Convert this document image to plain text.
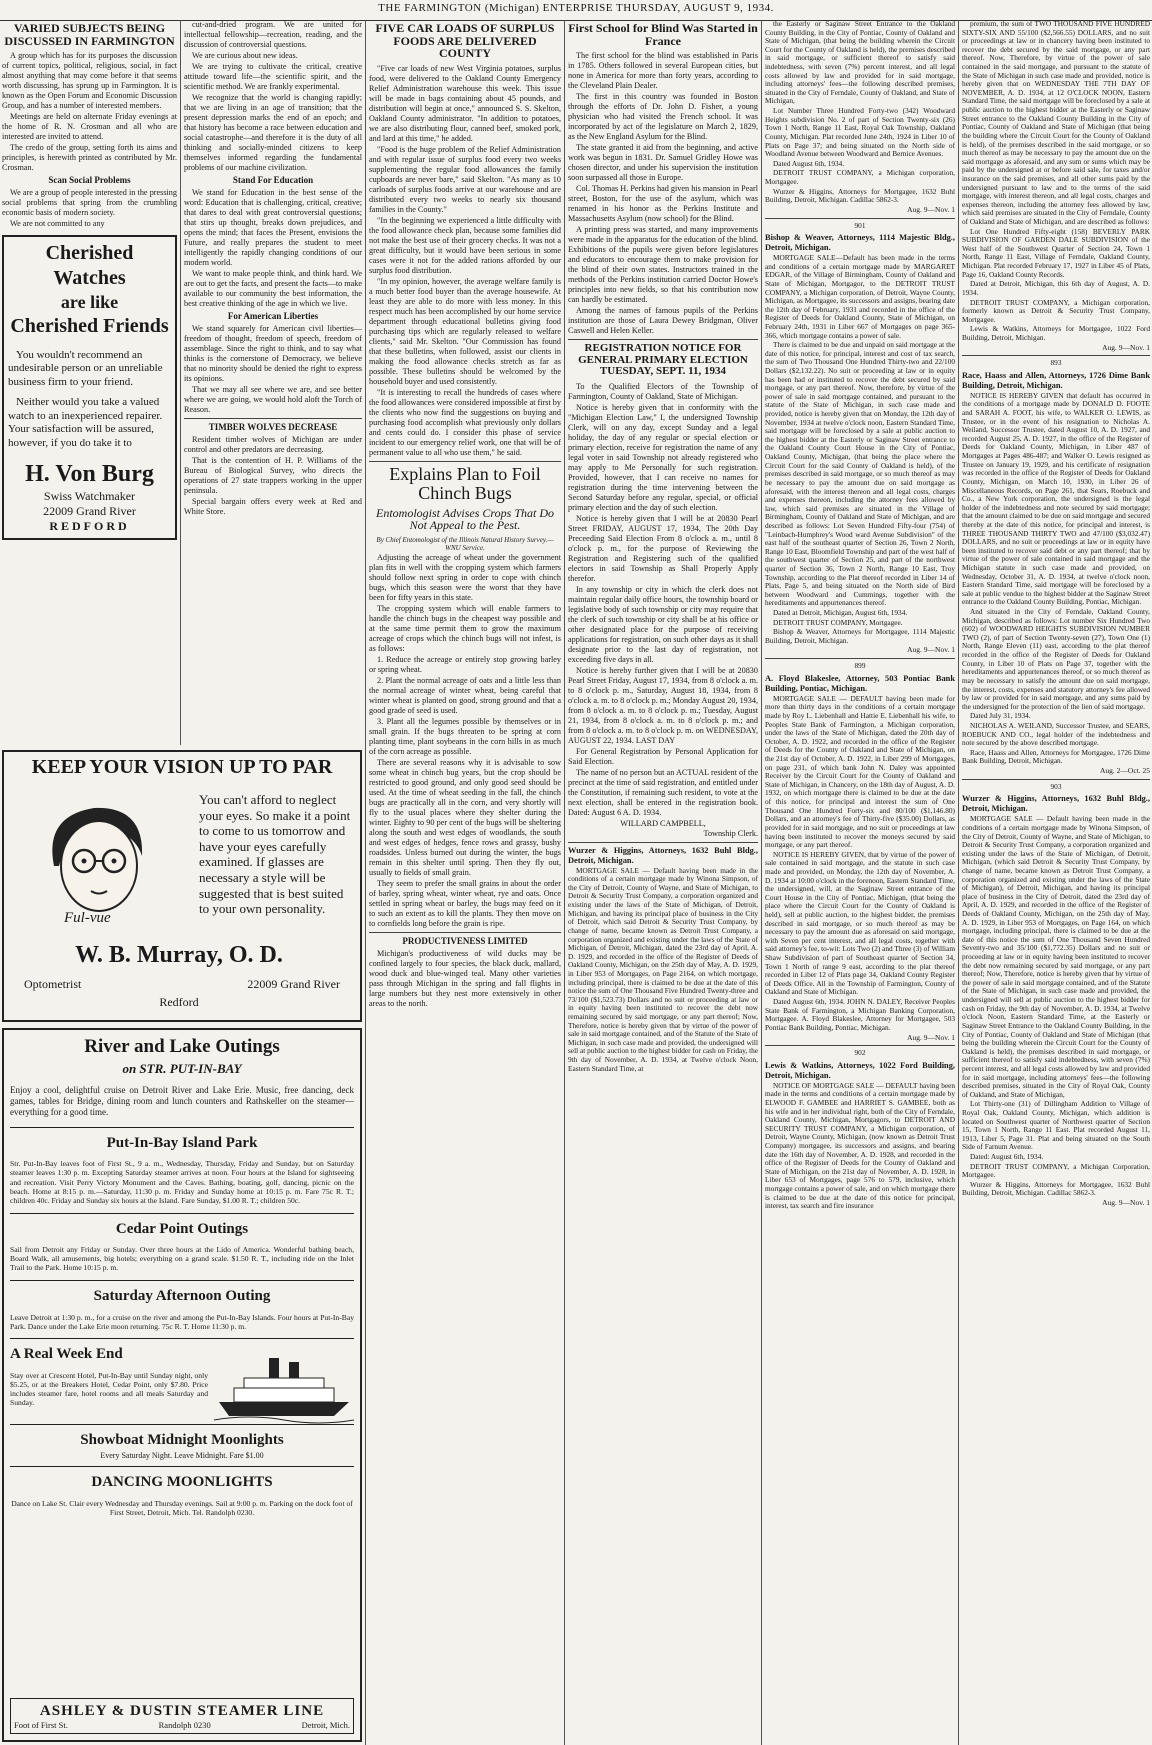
THE FARMINGTON (Michigan) ENTERPRISE THURSDAY, AUGUST 9, 1934.
VARIED SUBJECTS BEING DISCUSSED IN FARMINGTON

A group which has for its purposes the discussion of current topics, political, religious, social, in fact almost anything that may come before it that seems worth discussing, has sprung up in Farmington. It is known as the Open Forum and Economic Discussion Group, and has a number of interested members.

Meetings are held on alternate Friday evenings at the home of R. N. Crosman and all who are interested are invited to attend.

The credo of the group, setting forth its aims and principles, is herewith printed as contributed by Mr. Crosman.

Scan Social Problems

We are a group of people interested in the pressing social problems that spring from the crumbling economic basis of modern society.

We are not committed to any

Cherished Watches
are like
Cherished Friends

You wouldn't recommend an undesirable person or an unreliable business firm to your friend.

Neither would you take a valued watch to an inexperienced repairer. Your satisfaction will be assured, however, if you do take it to

H. Von Burg
Swiss Watchmaker
22009 Grand River
REDFORD

cut-and-dried program. We are united for intellectual fellowship—recreation, reading, and the discussion of controversial questions.

We are curious about new ideas.

We are trying to cultivate the critical, creative attitude toward life—the scientific spirit, and the scientific method. We are frankly experimental.

We recognize that the world is changing rapidly; that we are living in an age of transition; that the present depression marks the end of an epoch; and that history has become a race between education and social catastrophe—and therefore it is the duty of all thinking and socially-minded citizens to keep themselves informed regarding the fundamental problems of our machine civilization.

Stand For Education

We stand for Education in the best sense of the word: Education that is challenging, critical, creative; that dares to deal with great controversial questions; that stirs up thought, breaks down prejudices, and opens the mind; that faces the Present, envisions the Future, and really prepares the student to meet intelligently the rapidly changing conditions of our modern world.

We want to make people think, and think hard. We are out to get the facts, and present the facts—to make available to our community the best information, the best creative thinking of the age in which we live.

For American Liberties

We stand squarely for American civil liberties—freedom of thought, freedom of speech, freedom of assemblage. Since the right to think, and to say what thinks is the cornerstone of Democracy, we believe that no minority should be denied the right to express its opinions.

That we may all see where we are, and see better where we are going, we would hold aloft the Torch of Reason.

TIMBER WOLVES DECREASE

Resident timber wolves of Michigan are under control and other predators are decreasing.

That is the contention of H. P. Williams of the Bureau of Biological Survey, who directs the operations of 27 state trappers working in the upper peninsula.

Special bargain offers every week at Red and White Store.

KEEP YOUR VISION UP TO PAR
You can't afford to neglect your eyes. So make it a point to come to us tomorrow and have your eyes carefully examined. If glasses are necessary a style will be suggested that is best suited to your own personality.
Ful-vue
W. B. Murray, O. D.
Optometrist	22009 Grand River
Redford
River and Lake Outings
on STR. PUT-IN-BAY

Enjoy a cool, delightful cruise on Detroit River and Lake Erie. Music, free dancing, deck games, tables for Bridge, dining room and lunch counters and Rathskeller on the steamer—everything for a good time.

Put-In-Bay Island Park

Str. Put-In-Bay leaves foot of First St., 9 a. m., Wednesday, Thursday, Friday and Sunday, but on Saturday steamer leaves 1:30 p. m. Excepting Saturday steamer arrives at noon. Four hours at the Island for sightseeing and recreation. Visit Perry Victory Monument and the Caves. Bathing, boating, golf, dancing, picnic on the beach. Home at 8:15 p. m.—Saturday, 11:30 p. m. Friday and Sunday home at 10:15 p. m. Fare 75c R. T.; children 40c. Friday and Sunday six hours at the Island. Fare Sunday, $1.00 R. T.; children 50c.

Cedar Point Outings

Sail from Detroit any Friday or Sunday. Over three hours at the Lido of America. Wonderful bathing beach, Board Walk, all amusements, big hotels; everything on a grand scale. $1.50 R. T., including ride on the Inlet Trail to the Park. Home 10:15 p. m.

Saturday Afternoon Outing

Leave Detroit at 1:30 p. m., for a cruise on the river and among the Put-In-Bay Islands. Four hours at Put-In-Bay Park. Dance under the Lake Erie moon returning. 75c R. T. Home 11:30 p. m.

A Real Week End

Stay over at Crescent Hotel, Put-In-Bay until Sunday night, only $5.25, or at the Breakers Hotel, Cedar Point, only $7.80. Price includes steamer fare, hotel rooms and all meals Saturday and Sunday.

Showboat Midnight Moonlights
Every Saturday Night. Leave Midnight. Fare $1.00
DANCING MOONLIGHTS

Dance on Lake St. Clair every Wednesday and Thursday evenings. Sail at 9:00 p. m. Parking on the dock foot of First Street, Detroit, Mich. Tel. Randolph 0230.

ASHLEY & DUSTIN STEAMER LINE
Foot of First St.	Randolph 0230	Detroit, Mich.
FIVE CAR LOADS OF SURPLUS FOODS ARE DELIVERED COUNTY

"Five car loads of new West Virginia potatoes, surplus food, were delivered to the Oakland County Emergency Relief Administration warehouse this week. This issue will be made in bags containing about 45 pounds, and distribution will begin at once," announced S. S. Skelton, Oakland County administrator. "In addition to potatoes, we are also distributing flour, canned beef, smoked pork, and lard at this time," he added.

"Food is the huge problem of the Relief Administration and with regular issue of surplus food every two weeks supplementing the regular food allowances the family cupboards are never bare," said Skelton. "As many as 10 carloads of surplus foods arrive at our warehouse and are distributed every two weeks to nearly six thousand families in the County."

"In the beginning we experienced a little difficulty with the food allowance check plan, because some families did not make the best use of their grocery checks. It was not a great difficulty, but it would have been serious in some cases were it not for the added rations afforded by our surplus food distribution.

"In my opinion, however, the average welfare family is a much better food buyer than the average housewife. At least they are able to do more with less money. In this respect much has been accomplished by our home service department through educational bulletins giving food purchasing tips which are regularly released to welfare clients," said Mr. Skelton. "Our Commission has found that these bulletins, when followed, assist our clients in making the food allowance checks stretch as far as possible. These bulletins should be welcomed by the household buyer and used consistently.

"It is interesting to recall the hundreds of cases where the food allowances were considered impossible at first by the clients who now find the suggestions on buying and purchasing food accomplish what previously only dollars and cents could do. I consider this phase of service incident to our emergency relief work, one that will be of permanent value to all who use them," he said.

Explains Plan to Foil Chinch Bugs
Entomologist Advises Crops That Do Not Appeal to the Pest.
By Chief Entomologist of the Illinois Natural History Survey.—WNU Service.

Adjusting the acreage of wheat under the government plan fits in well with the cropping system which farmers should follow next spring in order to cope with chinch bugs, which this season were the worst that they have been for fifty years in this state.

The cropping system which will enable farmers to handle the chinch bugs in the cheapest way possible and at the same time permit them to grow the maximum acreage of crops which the chinch bugs will not infest, is as follows:

1. Reduce the acreage or entirely stop growing barley or spring wheat.

2. Plant the normal acreage of oats and a little less than the normal acreage of winter wheat, being careful that winter wheat is planted on good, strong ground and that a good grade of seed is used.

3. Plant all the legumes possible by themselves or in small grain. If the bugs threaten to be spring at corn planting time, plant soybeans in the corn hills in as much of the corn acreage as possible.

There are several reasons why it is advisable to sow some wheat in chinch bug years, but the crop should be restricted to good ground, and only good seed should be used. At the time of wheat seeding in the fall, the chinch bugs are practically all in the corn, and very shortly will fly to the usual places where they shelter during the winter. Eighty to 90 per cent of the bugs will be sheltering along the south and west edges of woodlands, the south and west edges of hedges, fence rows and grassy, bushy roadsides. Unless burned out during the winter, the bugs remain in this shelter until spring. Then they fly out, usually to fields of small grain.

They seem to prefer the small grains in about the order of barley, spring wheat, winter wheat, rye and oats. Once settled in spring wheat or barley, the bugs may feed on it to such an extent as to kill the plants. They then move on to cornfields long before the grain is ripe.

PRODUCTIVENESS LIMITED

Michigan's productiveness of wild ducks may be confined largely to four species, the black duck, mallard, wood duck and blue-winged teal. Many other varieties pass through Michigan in the spring and fall flights in large numbers but they nest more extensively in other areas to the north.

First School for Blind Was Started in France

The first school for the blind was established in Paris in 1785. Others followed in several European cities, but none in America for more than forty years, according to the Cleveland Plain Dealer.

The first in this country was founded in Boston through the efforts of Dr. John D. Fisher, a young physician who had visited the French school. It was incorporated by act of the legislature on March 2, 1829, as the New England Asylum for the Blind.

The state granted it aid from the beginning, and active work was begun in 1831. Dr. Samuel Gridley Howe was chosen director, and under his supervision the institution soon surpassed all those in Europe.

Col. Thomas H. Perkins had given his mansion in Pearl street, Boston, for the use of the asylum, which was renamed in his honor as the Perkins Institute and Massachusetts Asylum (now school) for the Blind.

A printing press was started, and many improvements were made in the apparatus for the education of the blind. Exhibitions of the pupils were given before legislatures and educators to encourage them to make provision for the blind of their own states. Instructors trained in the methods of the Perkins institution carried Doctor Howe's principles into new fields, so that his contribution now can hardly be estimated.

Among the names of famous pupils of the Perkins institution are those of Laura Dewey Bridgman, Oliver Caswell and Helen Keller.

REGISTRATION NOTICE FOR GENERAL PRIMARY ELECTION TUESDAY, SEPT. 11, 1934

To the Qualified Electors of the Township of Farmington, County of Oakland, State of Michigan.

Notice is hereby given that in conformity with the "Michigan Election Law," I, the undersigned Township Clerk, will on any day, except Sunday and a legal holiday, the day of any regular or special election or primary election, receive for registration the name of any legal voter in said Township not already registered who may apply to Me Personally for such registration. Provided, however, that I can receive no names for registration during the time intervening between the Second Saturday before any regular, special, or official primary election and the day of such election.

Notice is hereby given that I will be at 20830 Pearl Street FRIDAY, AUGUST 17, 1934, The 20th Day Preceeding Said Election From 8 o'clock a. m., until 8 o'clock p. m., for the purpose of Reviewing the Registration and Registering such of the qualified electors in said Township as Shall Properly Apply therefor.

In any township or city in which the clerk does not maintain regular daily office hours, the township board or legislative body of such township or city may require that the clerk of such township or city shall be at his office or other designated place for the purpose of receiving applications for registration, on such other days as it shall designate prior to the last day of registration, not exceeding five days in all.

Notice is hereby further given that I will be at 20830 Pearl Street Friday, August 17, 1934, from 8 o'clock a. m. to 8 o'clock p. m., Saturday, August 18, 1934, from 8 o'clock a. m. to 8 o'clock p. m.; Monday August 20, 1934, from 8 o'clock a. m. to 8 o'clock p. m.; Tuesday, August 21, 1934, from 8 o'clock a. m. to 8 o'clock p. m.; and from 8 o'clock a. m. to 8 o'clock p. m. on WEDNESDAY, AUGUST 22, 1934. LAST DAY

For General Registration by Personal Application for Said Election.

The name of no person but an ACTUAL resident of the precinct at the time of said registration, and entitled under the Constitution, if remaining such resident, to vote at the next election, shall be entered in the registration book. Dated: August 6 A. D. 1934.

WILLARD CAMPBELL,
Township Clerk.

Wurzer & Higgins, Attorneys, 1632 Buhl Bldg., Detroit, Michigan.

MORTGAGE SALE — Default having been made in the conditions of a certain mortgage made by Winona Simpson, of the City of Detroit, County of Wayne, and State of Michigan, to Detroit & Security Trust Company, a corporation organized and existing under the laws of the State of Michigan, of Detroit, Michigan, and having its principal place of business in the City of Detroit, which said Detroit & Security Trust Company, by change of name, became known as Detroit Trust Company, a corporation organized and existing under the laws of the State of Michigan, of Detroit, Michigan, dated the 23rd day of April, A. D. 1929, and recorded in the office of the Register of Deeds of Oakland County, Michigan, on the 25th day of May, A. D. 1929, in Liber 953 of Mortgages, on Page 2164, on which mortgage, including principal, there is claimed to be due at the date of this notice the sum of One Thousand Five Hundred Twenty-three and 73/100 ($1,523.73) Dollars and no suit or proceeding at law or in equity having been instituted to recover the debt now remaining secured by said mortgage, or any part thereof; Now, Therefore, notice is hereby given that by virtue of the power of sale in said mortgage contained, and of the Statute of the State of Michigan, in such case made and provided, the undersigned will sell at public auction to the highest bidder for cash on Friday, the 9th day of November, A. D. 1934, at Twelve o'clock Noon, Eastern Standard Time, at

the Easterly or Saginaw Street Entrance to the Oakland County Building, in the City of Pontiac, County of Oakland and State of Michigan, (that being the building wherein the Circuit Court for the County of Oakland is held), the premises described in said mortgage, or sufficient thereof to satisfy said indebtedness, with seven (7%) percent interest, and all legal costs allowed by law and provided for in said mortgage, including attorneys' fees—the following described premises, situated in the City of Ferndale, County of Oakland, and State of Michigan,

Lot Number Three Hundred Forty-two (342) Woodward Heights subdivision No. 2 of part of Section Twenty-six (26) Town 1 North, Range 11 East, Royal Oak Township, Oakland County, Michigan. Plat recorded June 24th, 1924 in Liber 10 of Plats on Page 37; and being situated on the North side of Woodland Avenue between Woodward and Bernice Avenues.

Dated August 6th, 1934.

DETROIT TRUST COMPANY, a Michigan corporation, Mortgagee.

Wurzer & Higgins, Attorneys for Mortgagee, 1632 Buhl Building, Detroit, Michigan. Cadillac 5862-3.

Aug. 9—Nov. 1
901

Bishop & Weaver, Attorneys, 1114 Majestic Bldg., Detroit, Michigan.

MORTGAGE SALE—Default has been made in the terms and conditions of a certain mortgage made by MARGARET EDGAR, of the Village of Birmingham, County of Oakland and State of Michigan, Mortgagor, to the DETROIT TRUST COMPANY, a Michigan corporation, of Detroit, Wayne County, Michigan, as Mortgagee, its successors and assigns, bearing date the 12th day of February, 1931 and recorded in the office of the Register of Deeds for Oakland County, State of Michigan, on February 24th, 1931 in Liber 667 of Mortgages on page 365-366, which mortgage contains a power of sale.

There is claimed to be due and unpaid on said mortgage at the date of this notice, for principal, interest and cost of tax search, the sum of Two Thousand One Hundred Thirty-two and 22/100 Dollars ($2,132.22). No suit or proceeding at law or in equity has been had or instituted to recover the debt secured by said mortgage, or any part thereof. Now, therefore, by virtue of the power of sale in said mortgage contained, and pursuant to the statute of the State of Michigan, in such case made and provided, notice is hereby given that on Monday, the 12th day of November, 1934 at twelve o'clock noon, Eastern Standard Time, said mortgage will be foreclosed by a sale at public auction to the highest bidder at the Easterly or Saginaw Street entrance to the Oakland County Court House in the City of Pontiac, Oakland County, Michigan, (that being the place where the Circuit Court for the said County of Oakland is held), of the premises described in said mortgage, or so much thereof as may be necessary to pay the amount due on said mortgage as aforesaid, with the interest thereon and all legal costs, charges and expenses thereon, including the attorney fees allowed by law, which said premises are situated in the Village of Birmingham, County of Oakland and State of Michigan, and are described as follows: Lot Seven Hundred Fifty-four (754) of "Leinbach-Humphrey's Wood ward Avenue Subdivision" of the east half of the southeast quarter of Section 26, Town 2 North, Range 10 East, Bloomfield Township and part of the west half of the southwest quarter of Section 25, and part of the northwest quarter of Section 36, Town 2 North, Range 10 East, Troy Township, according to the Plat thereof recorded in Liber 14 of Plats, Page 5, and being situated on the North side of Bird between Woodward and Cummings, together with the hereditaments and appurtenances thereof.

Dated at Detroit, Michigan, August 6th, 1934.

DETROIT TRUST COMPANY, Mortgagee.

Bishop & Weaver, Attorneys for Mortgagee, 1114 Majestic Building, Detroit, Michigan.

Aug. 9—Nov. 1
899

A. Floyd Blakeslee, Attorney, 503 Pontiac Bank Building, Pontiac, Michigan.

MORTGAGE SALE — DEFAULT having been made for more than thirty days in the conditions of a certain mortgage made by Roy L. Liebenhall and Hattie E. Liebenhall his wife, to Peoples State Bank of Farmington, a Michigan corporation, under the laws of the State of Michigan, dated the 20th day of October, A. D. 1922, and recorded in the office of the Register of Deeds for the County of Oakland and State of Michigan, on the 21st day of October, A. D. 1922, in Liber 299 of Mortgages, on page 231, of which bank John N. Daley was appointed Receiver by the Circuit Court for the County of Oakland and State of Michigan, in Chancery, on the 18th day of August, A. D. 1932, on which mortgage there is claimed to be due at the date of this notice, for principal and interest the sum of One Thousand One Hundred Forty-six and 80/100 ($1,146.80) Dollars, and an attorney's fee of Thirty-five ($35.00) Dollars, as provided for in said mortgage, and no suit or proceedings at law having been instituted to recover the moneys secured by said mortgage, or any part thereof.

NOTICE IS HEREBY GIVEN, that by virtue of the power of sale contained in said mortgage, and the statute in such case made and provided, on Monday, the 12th day of November, A. D. 1934 at 10:00 o'clock in the forenoon, Eastern Standard Time, the undersigned, will, at the Saginaw Street entrance of the Court House in the City of Pontiac, Michigan, (that being the place where the Circuit Court for the County of Oakland is held), sell at public auction, to the highest bidder, the premises described in said mortgage, or so much thereof as may be necessary to pay the amount due as aforesaid on said mortgage, with Seven per cent interest, and all legal costs, together with said attorney's fee, to-wit: Lots Two (2) and Three (3) of William Shaw Subdivision of part of Southeast quarter of Section 34, Town 1 North of range 9 east, according to the plat thereof recorded in Liber 12 of Plats page 34, Oakland County Register of Deeds Office. All in the Township of Farmington, County of Oakland and State of Michigan.

Dated August 6th, 1934. JOHN N. DALEY, Receiver Peoples State Bank of Farmington, a Michigan Banking Corporation, Mortgagee. A. Floyd Blakeslee, Attorney for Mortgagee, 503 Pontiac Bank Building, Pontiac, Michigan.

Aug. 9—Nov. 1
902

Lewis & Watkins, Attorneys, 1022 Ford Building, Detroit, Michigan.

NOTICE OF MORTGAGE SALE — DEFAULT having been made in the terms and conditions of a certain mortgage made by ELWOOD F. GAMBEE and HARRIET S. GAMBEE, both as his wife and in her individual right, both of the City of Ferndale, Oakland County, Michigan, Mortgagors, to DETROIT AND SECURITY TRUST COMPANY, a Michigan corporation, of Detroit, Wayne County, Michigan, (now known as Detroit Trust Company) mortgagee, its successors and assigns, and bearing date the 16th day of November, A. D. 1928, and recorded in the office of the Register of Deeds for the County of Oakland and State of Michigan, on the 21st day of November, A. D. 1928, in Liber 653 of Mortgages, page 576 to 579, inclusive, which mortgage contains a power of sale, and on which mortgage there is claimed to be due at the date of this notice for principal, interest, tax search and fire insurance

premium, the sum of TWO THOUSAND FIVE HUNDRED SIXTY-SIX AND 55/100 ($2,566.55) DOLLARS, and no suit or proceedings at law or in chancery having been instituted to recover the debt secured by the said mortgage, or any part thereof. Now, Therefore, by virtue of the power of sale contained in the said mortgage, and pursuant to the statute of the State of Michigan in such case made and provided, notice is hereby given that on WEDNESDAY THE 7TH DAY OF NOVEMBER, A. D. 1934, at 12 O'CLOCK NOON, Eastern Standard Time, the said mortgage will be foreclosed by a sale at public auction to the highest bidder at the Easterly or Saginaw Street entrance to the Oakland County Building in the City of Pontiac, County of Oakland and State of Michigan (that being the building where the Circuit Court for the County of Oakland is held), of the premises described in the said mortgage, or so much thereof as may be necessary to pay the amount due on the said mortgage as aforesaid, and any sum or sums which may be paid by the undersigned at or before said sale, for taxes and/or insurance on the said premises, and all other sums paid by the undersigned pursuant to law and to the terms of the said mortgage, with interest thereon, and all legal costs, charges and expenses thereon, including the attorney fees allowed by law, which said premises are situated in the City of Ferndale, County of Oakland and State of Michigan, and are described as follows:

Lot One Hundred Fifty-eight (158) BEVERLY PARK SUBDIVISION OF GARDEN DALE SUBDIVISION of the West half of the Southwest Quarter of Section 24, Town 1 North, Range 11 East, Village of Ferndale, Oakland County, Michigan. Plat recorded February 17, 1927 in Liber 45 of Plats, Page 16, Oakland County Records.

Dated at Detroit, Michigan, this 6th day of August, A. D. 1934.

DETROIT TRUST COMPANY, a Michigan corporation, formerly known as Detroit & Security Trust Company, Mortgagee.

Lewis & Watkins, Attorneys for Mortgagee, 1022 Ford Building, Detroit, Michigan.

Aug. 9—Nov. 1
893

Race, Haass and Allen, Attorneys, 1726 Dime Bank Building, Detroit, Michigan.

NOTICE IS HEREBY GIVEN that default has occurred in the conditions of a mortgage made by DONALD D. FOOTE and SARAH A. FOOT, his wife, to WALKER O. LEWIS, as Trustee, or in the event of his resignation to Nicholas A. Weiland, Successor Trustee, dated August 10, A. D. 1927, and recorded August 25, A. D. 1927, in the office of the Register of Deeds for Oakland County, Michigan, in Liber 487 of Mortgages at Pages 486-487; and Walker O. Lewis resigned as Trustee on January 19, 1929, and his certificate of resignation was recorded in the office of the Register of Deeds for Oakland County, Michigan, on March 10, 1930, in Liber 26 of Miscellaneous Records, on Page 261, that Sears, Roebuck and Co., a New York corporation, the undersigned is the legal holder of the indebtedness and note secured by said mortgage; that the amount claimed to be due on said mortgage and secured thereby at the date of this notice, for principal and interest, is THREE THOUSAND THIRTY TWO and 47/100 ($3,032.47) DOLLARS, and no suit or proceedings at law or in equity have been instituted to recover said debt or any part thereof; that by virtue of the power of sale contained in said mortgage and the Michigan statute in such case made and provided, on Wednesday, October 31, A. D. 1934, at twelve o'clock noon, Eastern Standard Time, said mortgage will be foreclosed by a sale at public vendue to the highest bidder at the Saginaw Street entrance to the Oakland County Building, Pontiac, Michigan.

And situated in the City of Ferndale, Oakland County, Michigan, described as follows: Lot number Six Hundred Two (602) of WOODWARD HEIGHTS SUBDIVISION NUMBER TWO (2), of part of Section Twenty-seven (27), Town One (1) North, Range Eleven (11) east, according to the plat thereof recorded in the office of the Register of Deeds for Oakland County, in Liber 10 of Plats on Page 37, together with the hereditaments and appurtenances thereof, or so much thereof as may be necessary to satisfy the amount due on said mortgage, the interest, costs, expenses and statutory attorney's fee allowed by law or provided for in said mortgage, and any sums paid by the undersigned for the protection of the lien of said mortgage.

Dated July 31, 1934.

NICHOLAS A. WEILAND, Successor Trustee, and SEARS, ROEBUCK AND CO., legal holder of the indebtedness and note secured by the above described mortgage.

Race, Haass and Allen, Attorneys for Mortgagee, 1726 Dime Bank Building, Detroit, Michigan.

Aug. 2—Oct. 25
903

Wurzer & Higgins, Attorneys, 1632 Buhl Bldg., Detroit, Michigan.

MORTGAGE SALE — Default having been made in the conditions of a certain mortgage made by Winona Simpson, of the City of Detroit, County of Wayne, and State of Michigan, to Detroit & Security Trust Company, a corporation organized and existing under the laws of the State of Michigan, of Detroit, Michigan, (which said Detroit & Security Trust Company, by change of name, became known as Detroit Trust Company, a corporation organized and existing under the laws of the State of Michigan), of Detroit, Michigan, and having its principal place of business in the City of Detroit, dated the 23rd day of April, A. D. 1929, and recorded in the office of the Register of Deeds of Oakland County, Michigan, on the 25th day of May, A. D. 1929, in Liber 953 of Mortgages, on Page 164, on which mortgage, including principal, there is claimed to be due at the date of this notice the sum of One Thousand Seven Hundred Seventy-two and 35/100 ($1,772.35) Dollars and no suit or proceeding at law or in equity having been instituted to recover the debt now remaining secured by said mortgage, or any part thereof; Now, Therefore, notice is hereby given that by virtue of the power of sale in said mortgage contained, and of the Statute of the State of Michigan, in such case made and provided, the undersigned will sell at public auction to the highest bidder for cash on Friday, the 9th day of November, A. D. 1934, at Twelve o'clock Noon, Eastern Standard Time, at the Easterly or Saginaw Street Entrance to the Oakland County Building, in the City of Pontiac, County of Oakland and State of Michigan (that being the building wherein the Circuit Court for the County of Oakland is held), the premises described in said mortgage, or sufficient thereof to satisfy said indebtedness, with seven (7%) percent interest, and all legal costs allowed by law and provided for in said mortgage, including attorneys' fees—the following described premises, situated in the City of Royal Oak, County of Oakland, and State of Michigan,

Lot Thirty-one (31) of Dillingham Addition to Village of Royal Oak, Oakland County, Michigan, which addition is located on Southwest quarter of Northwest quarter of Section 15, Town 1 North, Range 11 East. Plat recorded August 11, 1913, Liber 5, Page 31. Plat and being situated on the South Side of Farnum Avenue.

Dated: August 6th, 1934.

DETROIT TRUST COMPANY, a Michigan Corporation, Mortgagee.

Wurzer & Higgins, Attorneys for Mortgagee, 1632 Buhl Building, Detroit, Michigan. Cadillac 5862-3.

Aug. 9—Nov. 1
